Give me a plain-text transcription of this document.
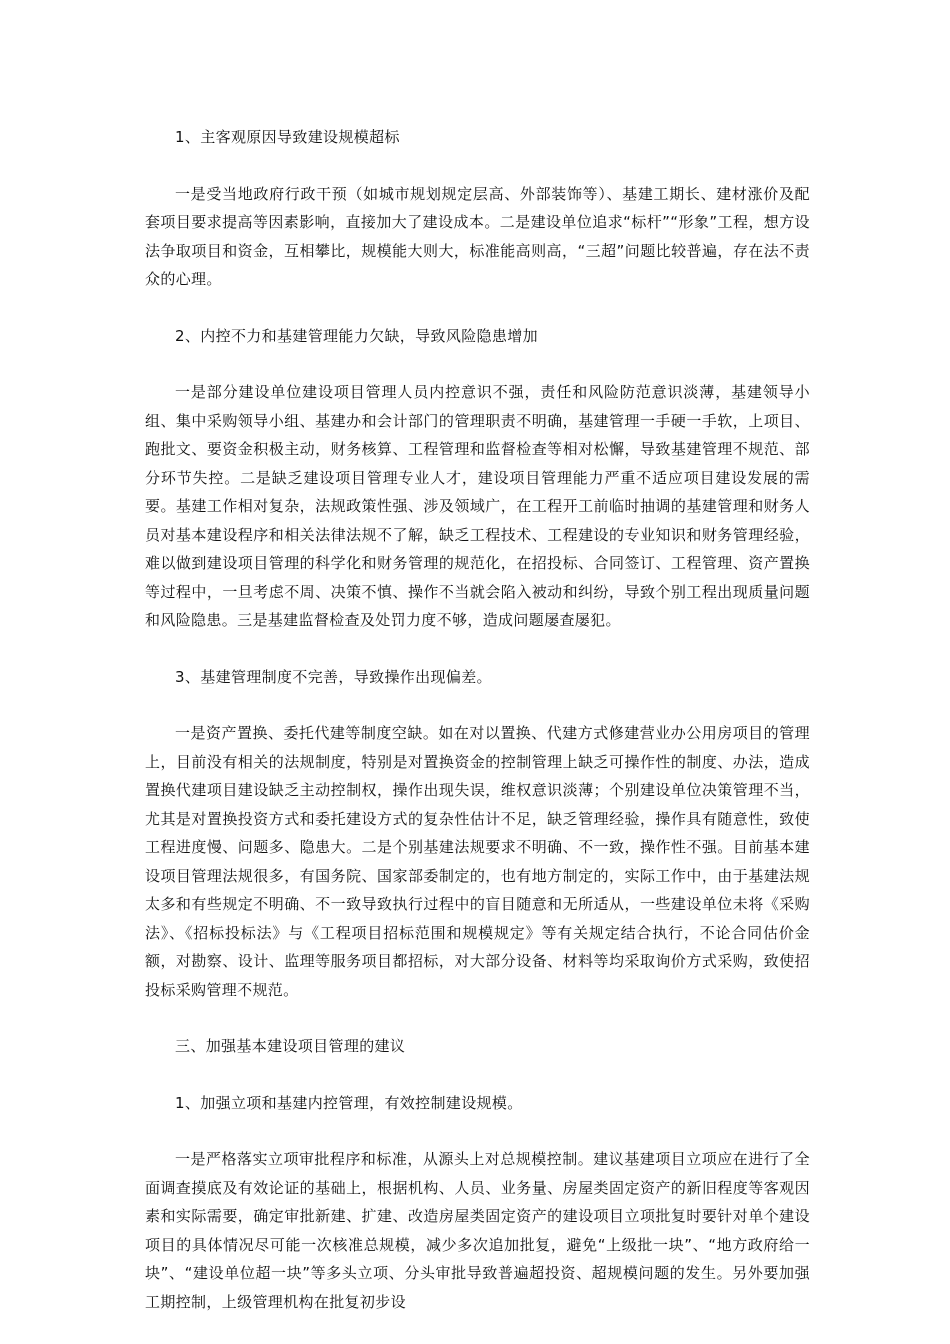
1、主客观原因导致建设规模超标

一是受当地政府行政干预（如城市规划规定层高、外部装饰等）、基建工期长、建材涨价及配套项目要求提高等因素影响，直接加大了建设成本。二是建设单位追求“标杆”“形象”工程，想方设法争取项目和资金，互相攀比，规模能大则大，标准能高则高，“三超”问题比较普遍，存在法不责众的心理。

2、内控不力和基建管理能力欠缺，导致风险隐患增加

一是部分建设单位建设项目管理人员内控意识不强，责任和风险防范意识淡薄，基建领导小组、集中采购领导小组、基建办和会计部门的管理职责不明确，基建管理一手硬一手软，上项目、跑批文、要资金积极主动，财务核算、工程管理和监督检查等相对松懈，导致基建管理不规范、部分环节失控。二是缺乏建设项目管理专业人才，建设项目管理能力严重不适应项目建设发展的需要。基建工作相对复杂，法规政策性强、涉及领域广，在工程开工前临时抽调的基建管理和财务人员对基本建设程序和相关法律法规不了解，缺乏工程技术、工程建设的专业知识和财务管理经验，难以做到建设项目管理的科学化和财务管理的规范化，在招投标、合同签订、工程管理、资产置换等过程中，一旦考虑不周、决策不慎、操作不当就会陷入被动和纠纷，导致个别工程出现质量问题和风险隐患。三是基建监督检查及处罚力度不够，造成问题屡查屡犯。

3、基建管理制度不完善，导致操作出现偏差。

一是资产置换、委托代建等制度空缺。如在对以置换、代建方式修建营业办公用房项目的管理上，目前没有相关的法规制度，特别是对置换资金的控制管理上缺乏可操作性的制度、办法，造成置换代建项目建设缺乏主动控制权，操作出现失误，维权意识淡薄；个别建设单位决策管理不当，尤其是对置换投资方式和委托建设方式的复杂性估计不足，缺乏管理经验，操作具有随意性，致使工程进度慢、问题多、隐患大。二是个别基建法规要求不明确、不一致，操作性不强。目前基本建设项目管理法规很多，有国务院、国家部委制定的，也有地方制定的，实际工作中，由于基建法规太多和有些规定不明确、不一致导致执行过程中的盲目随意和无所适从，一些建设单位未将《采购法》、《招标投标法》与《工程项目招标范围和规模规定》等有关规定结合执行，不论合同估价金额，对勘察、设计、监理等服务项目都招标，对大部分设备、材料等均采取询价方式采购，致使招投标采购管理不规范。

三、加强基本建设项目管理的建议

1、加强立项和基建内控管理，有效控制建设规模。

一是严格落实立项审批程序和标准，从源头上对总规模控制。建议基建项目立项应在进行了全面调查摸底及有效论证的基础上，根据机构、人员、业务量、房屋类固定资产的新旧程度等客观因素和实际需要，确定审批新建、扩建、改造房屋类固定资产的建设项目立项批复时要针对单个建设项目的具体情况尽可能一次核准总规模，减少多次追加批复，避免“上级批一块”、“地方政府给一块”、“建设单位超一块”等多头立项、分头审批导致普遍超投资、超规模问题的发生。另外要加强工期控制，上级管理机构在批复初步设
